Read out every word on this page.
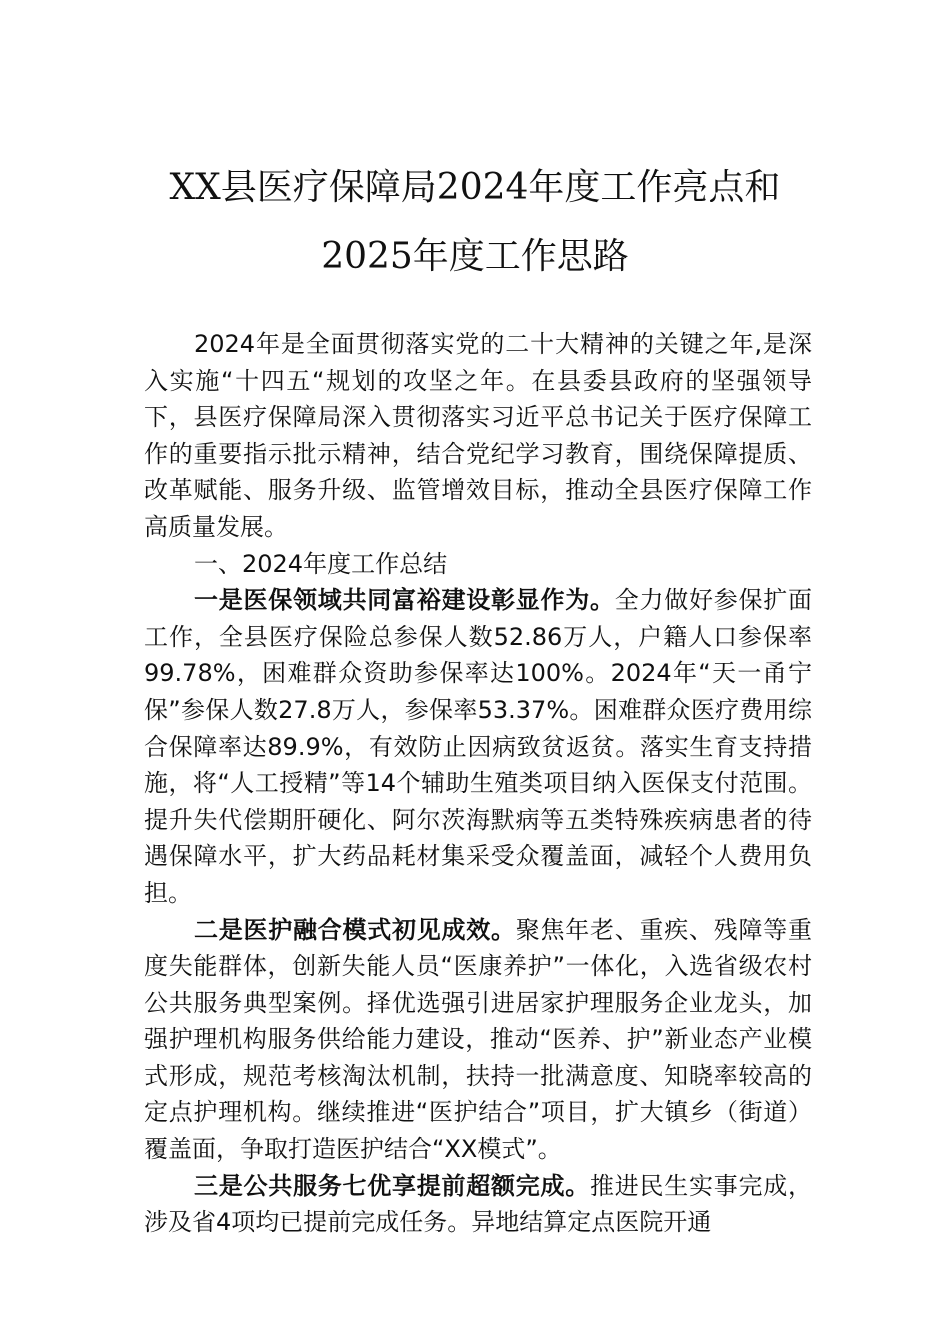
XX县医疗保障局2024年度工作亮点和
2025年度工作思路

2024年是全面贯彻落实党的二十大精神的关键之年,是深入实施“十四五“规划的攻坚之年。在县委县政府的坚强领导下，县医疗保障局深入贯彻落实习近平总书记关于医疗保障工作的重要指示批示精神，结合党纪学习教育，围绕保障提质、改革赋能、服务升级、监管增效目标，推动全县医疗保障工作高质量发展。

一、2024年度工作总结

一是医保领域共同富裕建设彰显作为。全力做好参保扩面工作，全县医疗保险总参保人数52.86万人，户籍人口参保率99.78%，困难群众资助参保率达100%。2024年“天一甬宁保”参保人数27.8万人，参保率53.37%。困难群众医疗费用综合保障率达89.9%，有效防止因病致贫返贫。落实生育支持措施，将“人工授精”等14个辅助生殖类项目纳入医保支付范围。提升失代偿期肝硬化、阿尔茨海默病等五类特殊疾病患者的待遇保障水平，扩大药品耗材集采受众覆盖面，减轻个人费用负担。

二是医护融合模式初见成效。聚焦年老、重疾、残障等重度失能群体，创新失能人员“医康养护”一体化，入选省级农村公共服务典型案例。择优选强引进居家护理服务企业龙头，加强护理机构服务供给能力建设，推动“医养、护”新业态产业模式形成，规范考核淘汰机制，扶持一批满意度、知晓率较高的定点护理机构。继续推进“医护结合”项目，扩大镇乡（街道）覆盖面，争取打造医护结合“XX模式”。

三是公共服务七优享提前超额完成。推进民生实事完成，涉及省4项均已提前完成任务。异地结算定点医院开通
